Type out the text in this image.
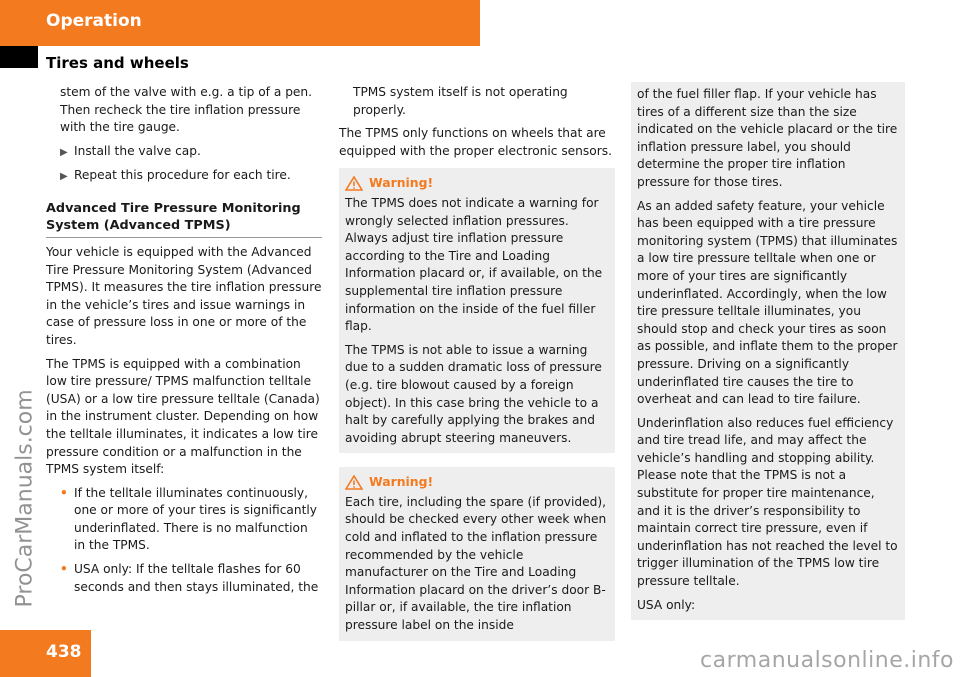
Operation
Tires and wheels

stem of the valve with e.g. a tip of a pen. Then recheck the tire inflation pressure with the tire gauge.

▶ Install the valve cap.
▶ Repeat this procedure for each tire.
Advanced Tire Pressure Monitoring System (Advanced TPMS)

Your vehicle is equipped with the Advanced Tire Pressure Monitoring System (Advanced TPMS). It measures the tire inflation pressure in the vehicle’s tires and issue warnings in case of pressure loss in one or more of the tires.

The TPMS is equipped with a combination low tire pressure/ TPMS malfunction telltale (USA) or a low tire pressure telltale (Canada) in the instrument cluster. Depending on how the telltale illuminates, it indicates a low tire pressure condition or a malfunction in the TPMS system itself:

• If the telltale illuminates continuously, one or more of your tires is significantly underinflated. There is no malfunction in the TPMS.
• USA only: If the telltale flashes for 60 seconds and then stays illuminated, the

TPMS system itself is not operating properly.

The TPMS only functions on wheels that are equipped with the proper electronic sensors.

Warning!

The TPMS does not indicate a warning for wrongly selected inflation pressures. Always adjust tire inflation pressure according to the Tire and Loading Information placard or, if available, on the supplemental tire inflation pressure information on the inside of the fuel filler flap.

The TPMS is not able to issue a warning due to a sudden dramatic loss of pressure (e.g. tire blowout caused by a foreign object). In this case bring the vehicle to a halt by carefully applying the brakes and avoiding abrupt steering maneuvers.

Warning!

Each tire, including the spare (if provided), should be checked every other week when cold and inflated to the inflation pressure recommended by the vehicle manufacturer on the Tire and Loading Information placard on the driver’s door B-pillar or, if available, the tire inflation pressure label on the inside

of the fuel filler flap. If your vehicle has tires of a different size than the size indicated on the vehicle placard or the tire inflation pressure label, you should determine the proper tire inflation pressure for those tires.

As an added safety feature, your vehicle has been equipped with a tire pressure monitoring system (TPMS) that illuminates a low tire pressure telltale when one or more of your tires are significantly underinflated. Accordingly, when the low tire pressure telltale illuminates, you should stop and check your tires as soon as possible, and inflate them to the proper pressure. Driving on a significantly underinflated tire causes the tire to overheat and can lead to tire failure.

Underinflation also reduces fuel efficiency and tire tread life, and may affect the vehicle’s handling and stopping ability. Please note that the TPMS is not a substitute for proper tire maintenance, and it is the driver’s responsibility to maintain correct tire pressure, even if underinflation has not reached the level to trigger illumination of the TPMS low tire pressure telltale.

USA only:

438
ProCarManuals.com
carmanualsonline.info
